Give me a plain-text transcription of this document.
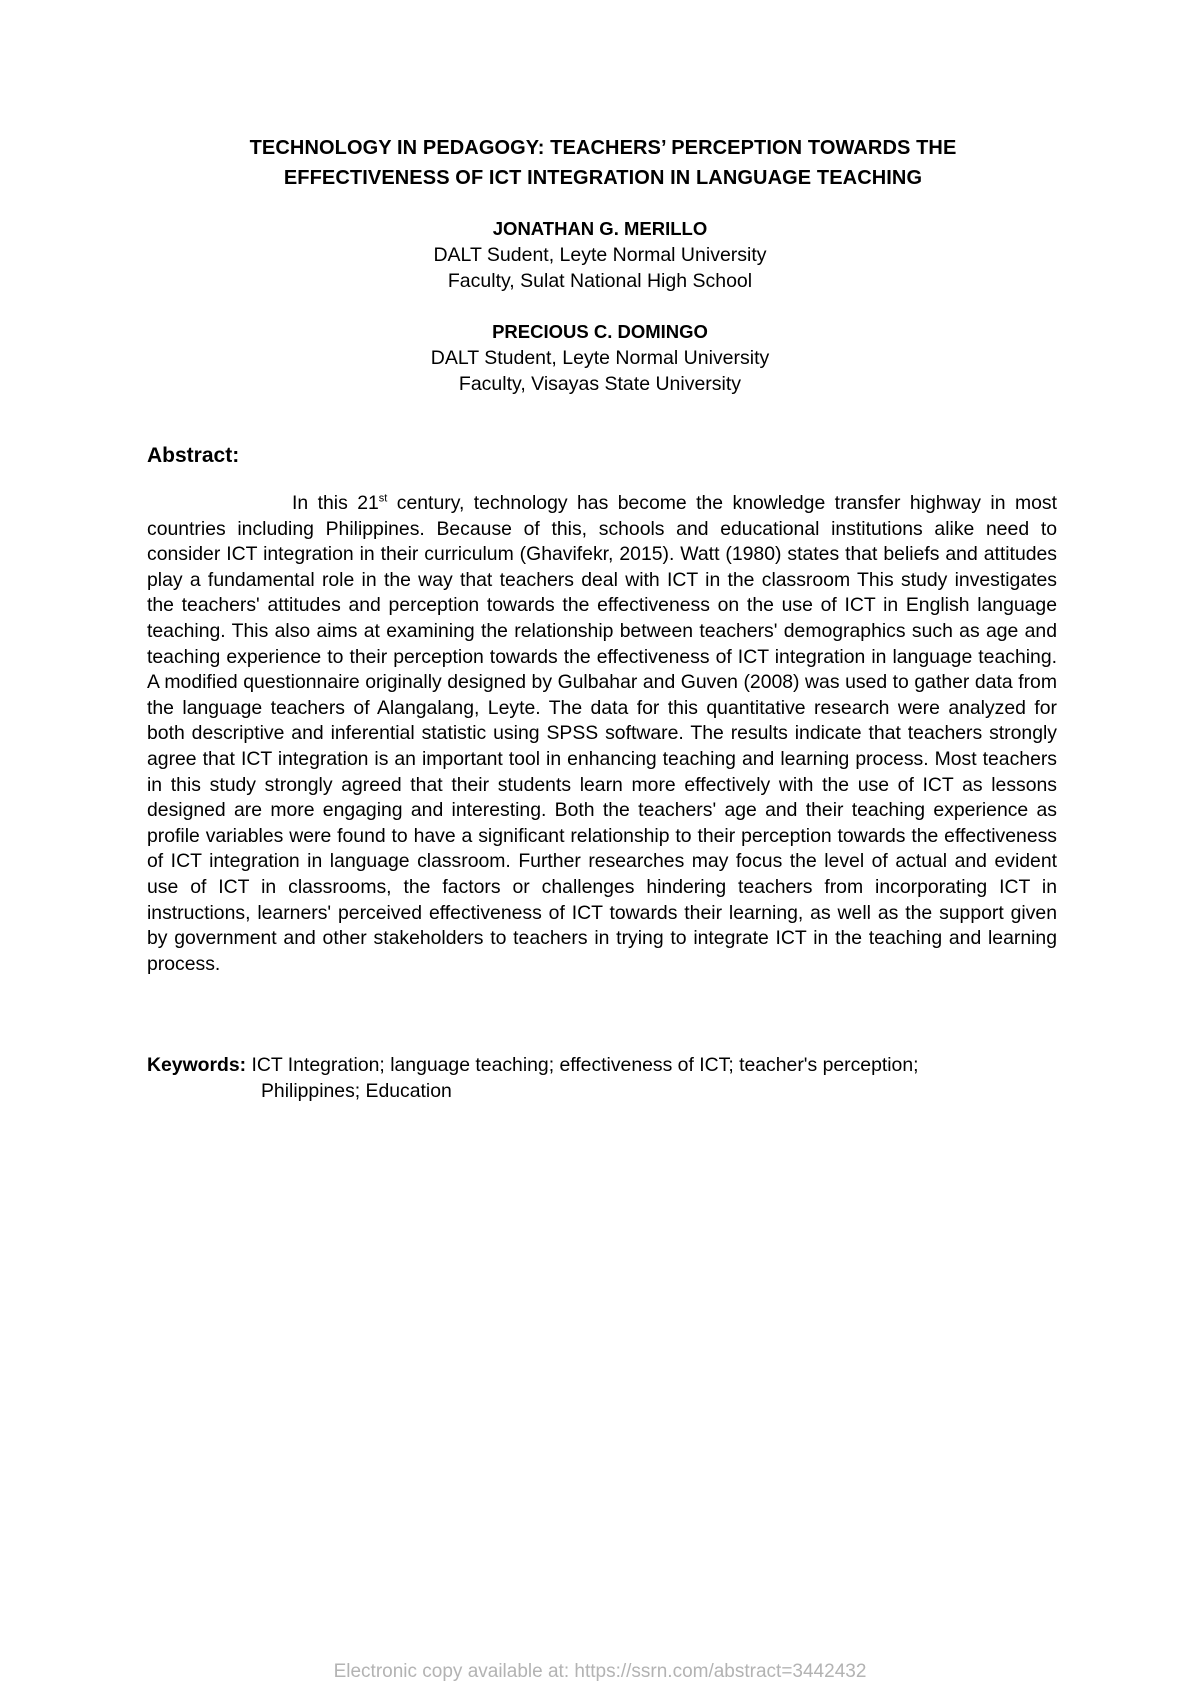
TECHNOLOGY IN PEDAGOGY: TEACHERS’ PERCEPTION TOWARDS THE
EFFECTIVENESS OF ICT INTEGRATION IN LANGUAGE TEACHING
JONATHAN G. MERILLO
DALT Sudent, Leyte Normal University
Faculty, Sulat National High School
PRECIOUS C. DOMINGO
DALT Student, Leyte Normal University
Faculty, Visayas State University
Abstract:
In this 21st century, technology has become the knowledge transfer highway in most countries including Philippines. Because of this, schools and educational institutions alike need to consider ICT integration in their curriculum (Ghavifekr, 2015). Watt (1980) states that beliefs and attitudes play a fundamental role in the way that teachers deal with ICT in the classroom This study investigates the teachers' attitudes and perception towards the effectiveness on the use of ICT in English language teaching. This also aims at examining the relationship between teachers' demographics such as age and teaching experience to their perception towards the effectiveness of ICT integration in language teaching. A modified questionnaire originally designed by Gulbahar and Guven (2008) was used to gather data from the language teachers of Alangalang, Leyte. The data for this quantitative research were analyzed for both descriptive and inferential statistic using SPSS software. The results indicate that teachers strongly agree that ICT integration is an important tool in enhancing teaching and learning process. Most teachers in this study strongly agreed that their students learn more effectively with the use of ICT as lessons designed are more engaging and interesting. Both the teachers' age and their teaching experience as profile variables were found to have a significant relationship to their perception towards the effectiveness of ICT integration in language classroom. Further researches may focus the level of actual and evident use of ICT in classrooms, the factors or challenges hindering teachers from incorporating ICT in instructions, learners' perceived effectiveness of ICT towards their learning, as well as the support given by government and other stakeholders to teachers in trying to integrate ICT in the teaching and learning process.
Keywords: ICT Integration; language teaching; effectiveness of ICT; teacher's perception;
Philippines; Education
Electronic copy available at: https://ssrn.com/abstract=3442432
